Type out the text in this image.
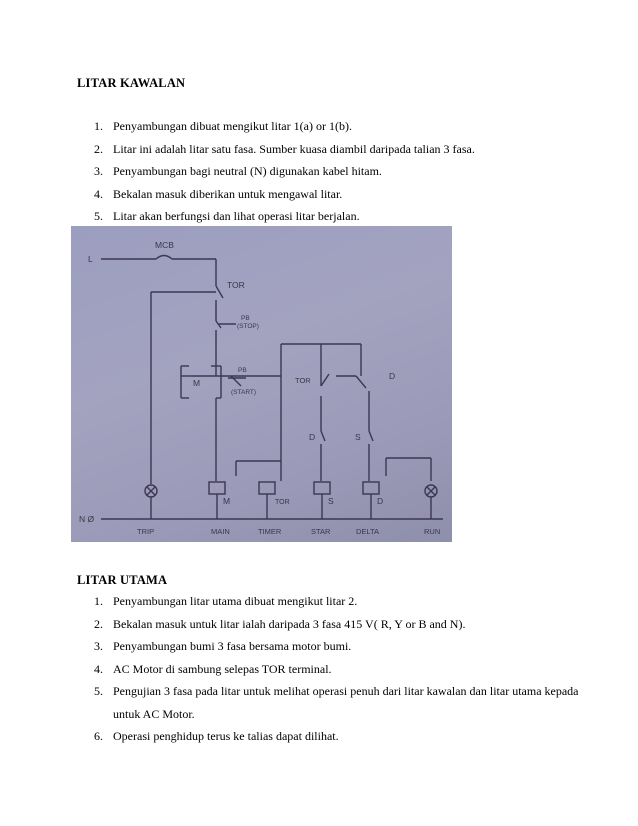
LITAR KAWALAN
1. Penyambungan dibuat mengikut litar 1(a) or 1(b).
2. Litar ini adalah litar satu fasa. Sumber kuasa diambil daripada talian 3 fasa.
3. Penyambungan bagi neutral (N) digunakan kabel hitam.
4. Bekalan masuk diberikan untuk mengawal litar.
5. Litar akan berfungsi dan lihat operasi litar berjalan.
L
MCB
TOR
PB
(STOP)
M
PB
(START)
TOR	D
D	S
M	TOR	S	D
N Ø
TRIP	MAIN	TIMER	STAR	DELTA	RUN
LITAR UTAMA
1. Penyambungan litar utama dibuat mengikut litar 2.
2. Bekalan masuk untuk litar ialah daripada 3 fasa 415 V( R, Y or B and N).
3. Penyambungan bumi 3 fasa bersama motor bumi.
4. AC Motor di sambung selepas TOR terminal.
5. Pengujian 3 fasa pada litar untuk melihat operasi penuh dari litar kawalan dan litar utama kepada untuk AC Motor.
6. Operasi penghidup terus ke talias dapat dilihat.
